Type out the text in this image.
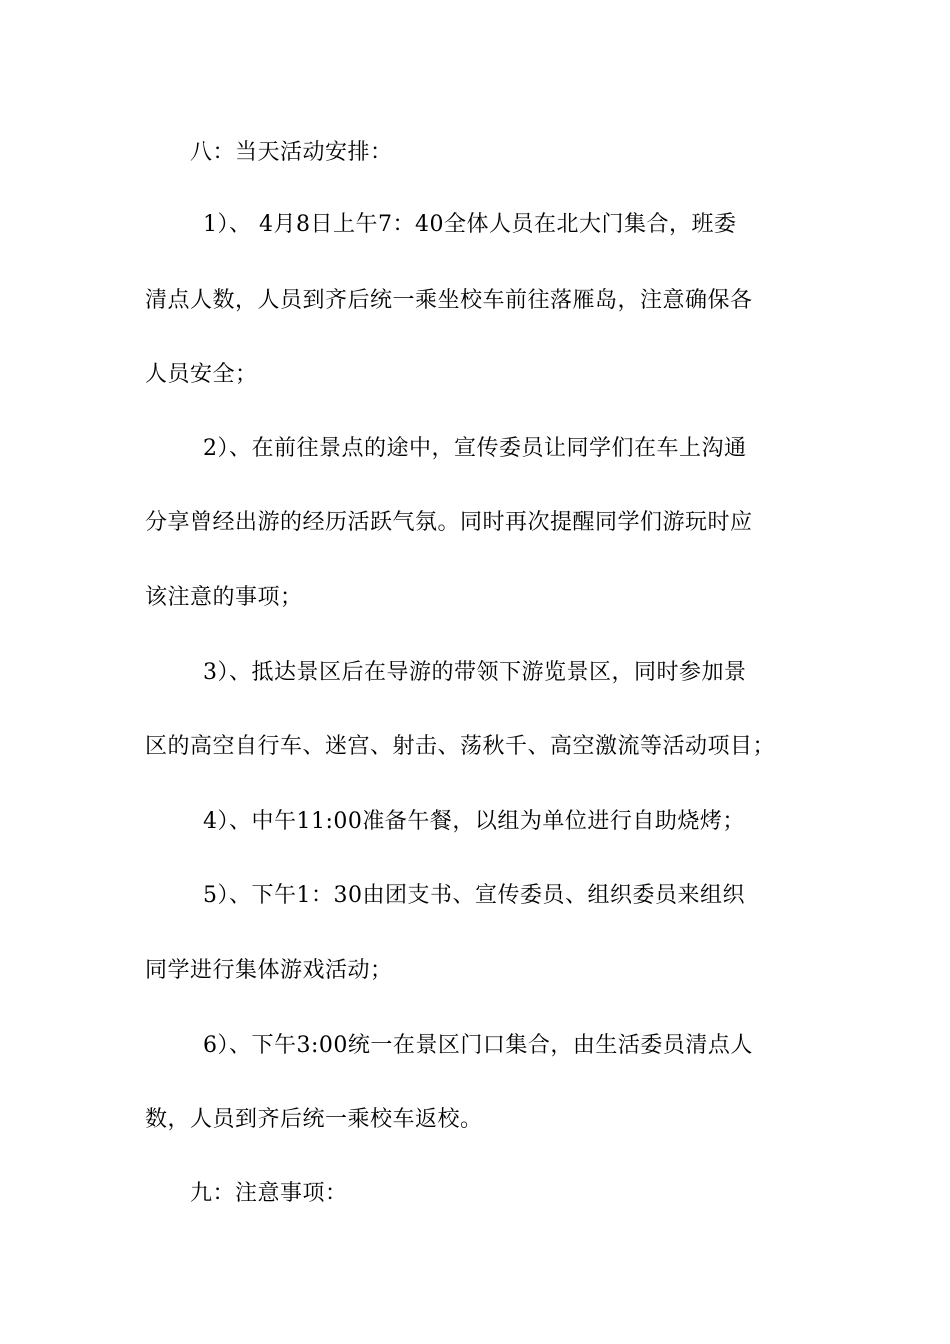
八：当天活动安排：
1）、 4月8日上午7：40全体人员在北大门集合，班委
清点人数，人员到齐后统一乘坐校车前往落雁岛，注意确保各
人员安全；
2）、在前往景点的途中，宣传委员让同学们在车上沟通
分享曾经出游的经历活跃气氛。同时再次提醒同学们游玩时应
该注意的事项；
3）、抵达景区后在导游的带领下游览景区，同时参加景
区的高空自行车、迷宫、射击、荡秋千、高空激流等活动项目；
4）、中午11:00准备午餐，以组为单位进行自助烧烤；
5）、下午1：30由团支书、宣传委员、组织委员来组织
同学进行集体游戏活动；
6）、下午3:00统一在景区门口集合，由生活委员清点人
数，人员到齐后统一乘校车返校。
九：注意事项：
